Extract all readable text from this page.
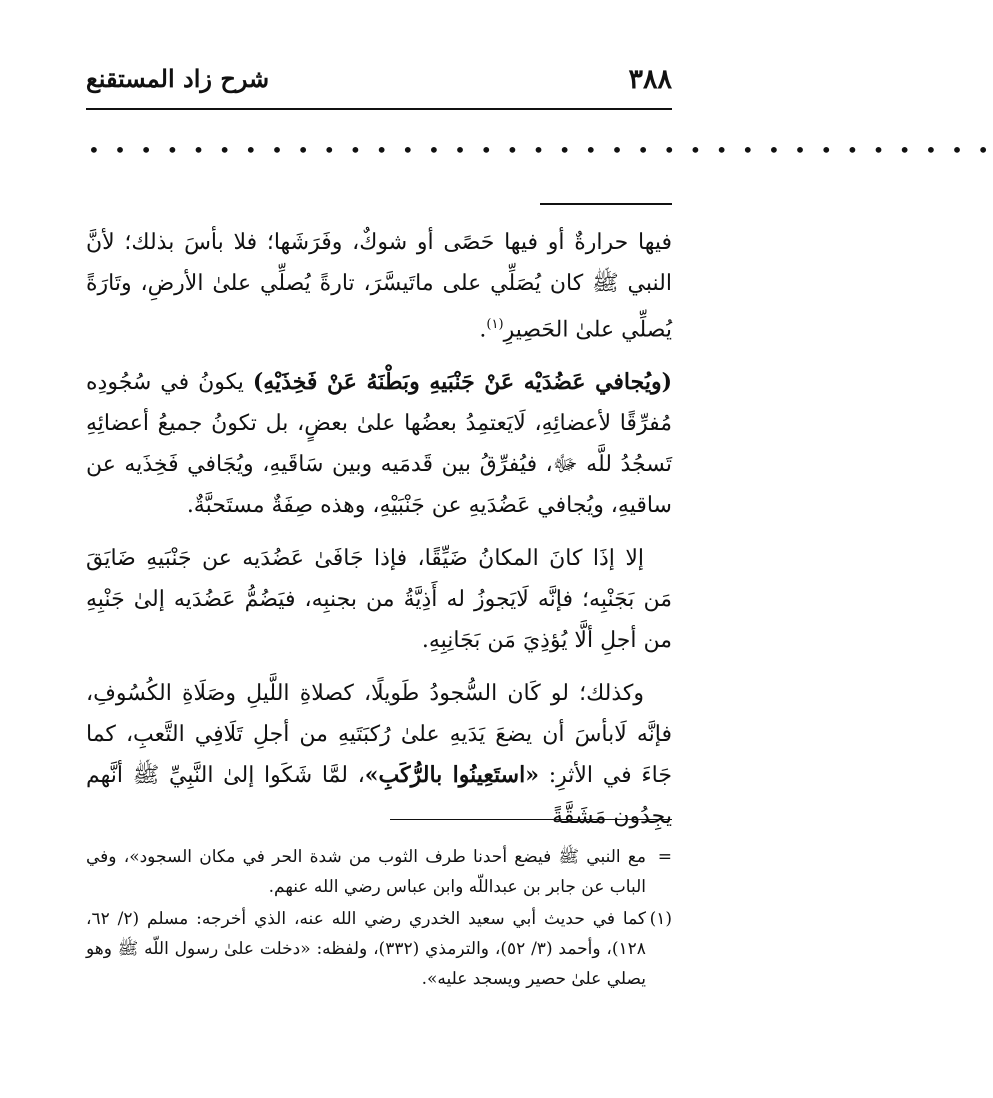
٣٨٨
شرح زاد المستقنع
• • • • • • • • • • • • • • • • • • • • • • • • • • • • • • • • • • •

فيها حرارةٌ أو فيها حَصًى أو شوكٌ، وفَرَشَها؛ فلا بأسَ بذلك؛ لأنَّ النبي ﷺ كان يُصَلِّي على ماتَيسَّرَ، تارةً يُصلِّي علىٰ الأرضِ، وتَارَةً يُصلِّي علىٰ الحَصِيرِ$^{(١)}$.

(ويُجافي عَضُدَيْه عَنْ جَنْبَيهِ وبَطْنَهُ عَنْ فَخِذَيْهِ) يكونُ في سُجُودِه مُفرِّقًا لأعضائِهِ، لَايَعتمِدُ بعضُها علىٰ بعضٍ، بل تكونُ جميعُ أعضائِهِ تَسجُدُ للَّه ﷻ، فيُفرِّقُ بين قَدمَيه وبين سَاقَيهِ، ويُجَافي فَخِذَيه عن ساقيهِ، ويُجافي عَضُدَيهِ عن جَنْبَيْهِ، وهذه صِفَةٌ مستَحبَّةٌ.

إلا إذَا كانَ المكانُ ضَيِّقًا، فإذا جَافَىٰ عَضُدَيه عن جَنْبَيهِ ضَايَقَ مَن بَجَنْبِه؛ فإنَّه لَايَجوزُ له أَذِيَّةُ من بجنبِه، فيَضُمُّ عَضُدَيه إلىٰ جَنْبِهِ من أجلِ ألَّا يُؤذِيَ مَن بَجَانِبِهِ.

وكذلك؛ لو كَان السُّجودُ طَويلًا، كصلاةِ اللَّيلِ وصَلَاةِ الكُسُوفِ، فإنَّه لَابأسَ أن يضعَ يَدَيهِ علىٰ رُكبَتَيهِ من أجلِ تَلَافِي التَّعبِ، كما جَاءَ في الأثرِ: «استَعِينُوا بالرُّكَبِ»، لمَّا شَكَوا إلىٰ النَّبِيِّ ﷺ أنَّهم يجِدُون مَشَقَّةً

=
مع النبي ﷺ فيضع أحدنا طرف الثوب من شدة الحر في مكان السجود»، وفي الباب عن جابر بن عبداللّه وابن عباس رضي الله عنهم.

(١)
كما في حديث أبي سعيد الخدري رضي الله عنه، الذي أخرجه: مسلم (٢/ ٦٢، ١٢٨)، وأحمد (٣/ ٥٢)، والترمذي (٣٣٢)، ولفظه: «دخلت علىٰ رسول اللّه ﷺ وهو يصلي علىٰ حصير ويسجد عليه».
